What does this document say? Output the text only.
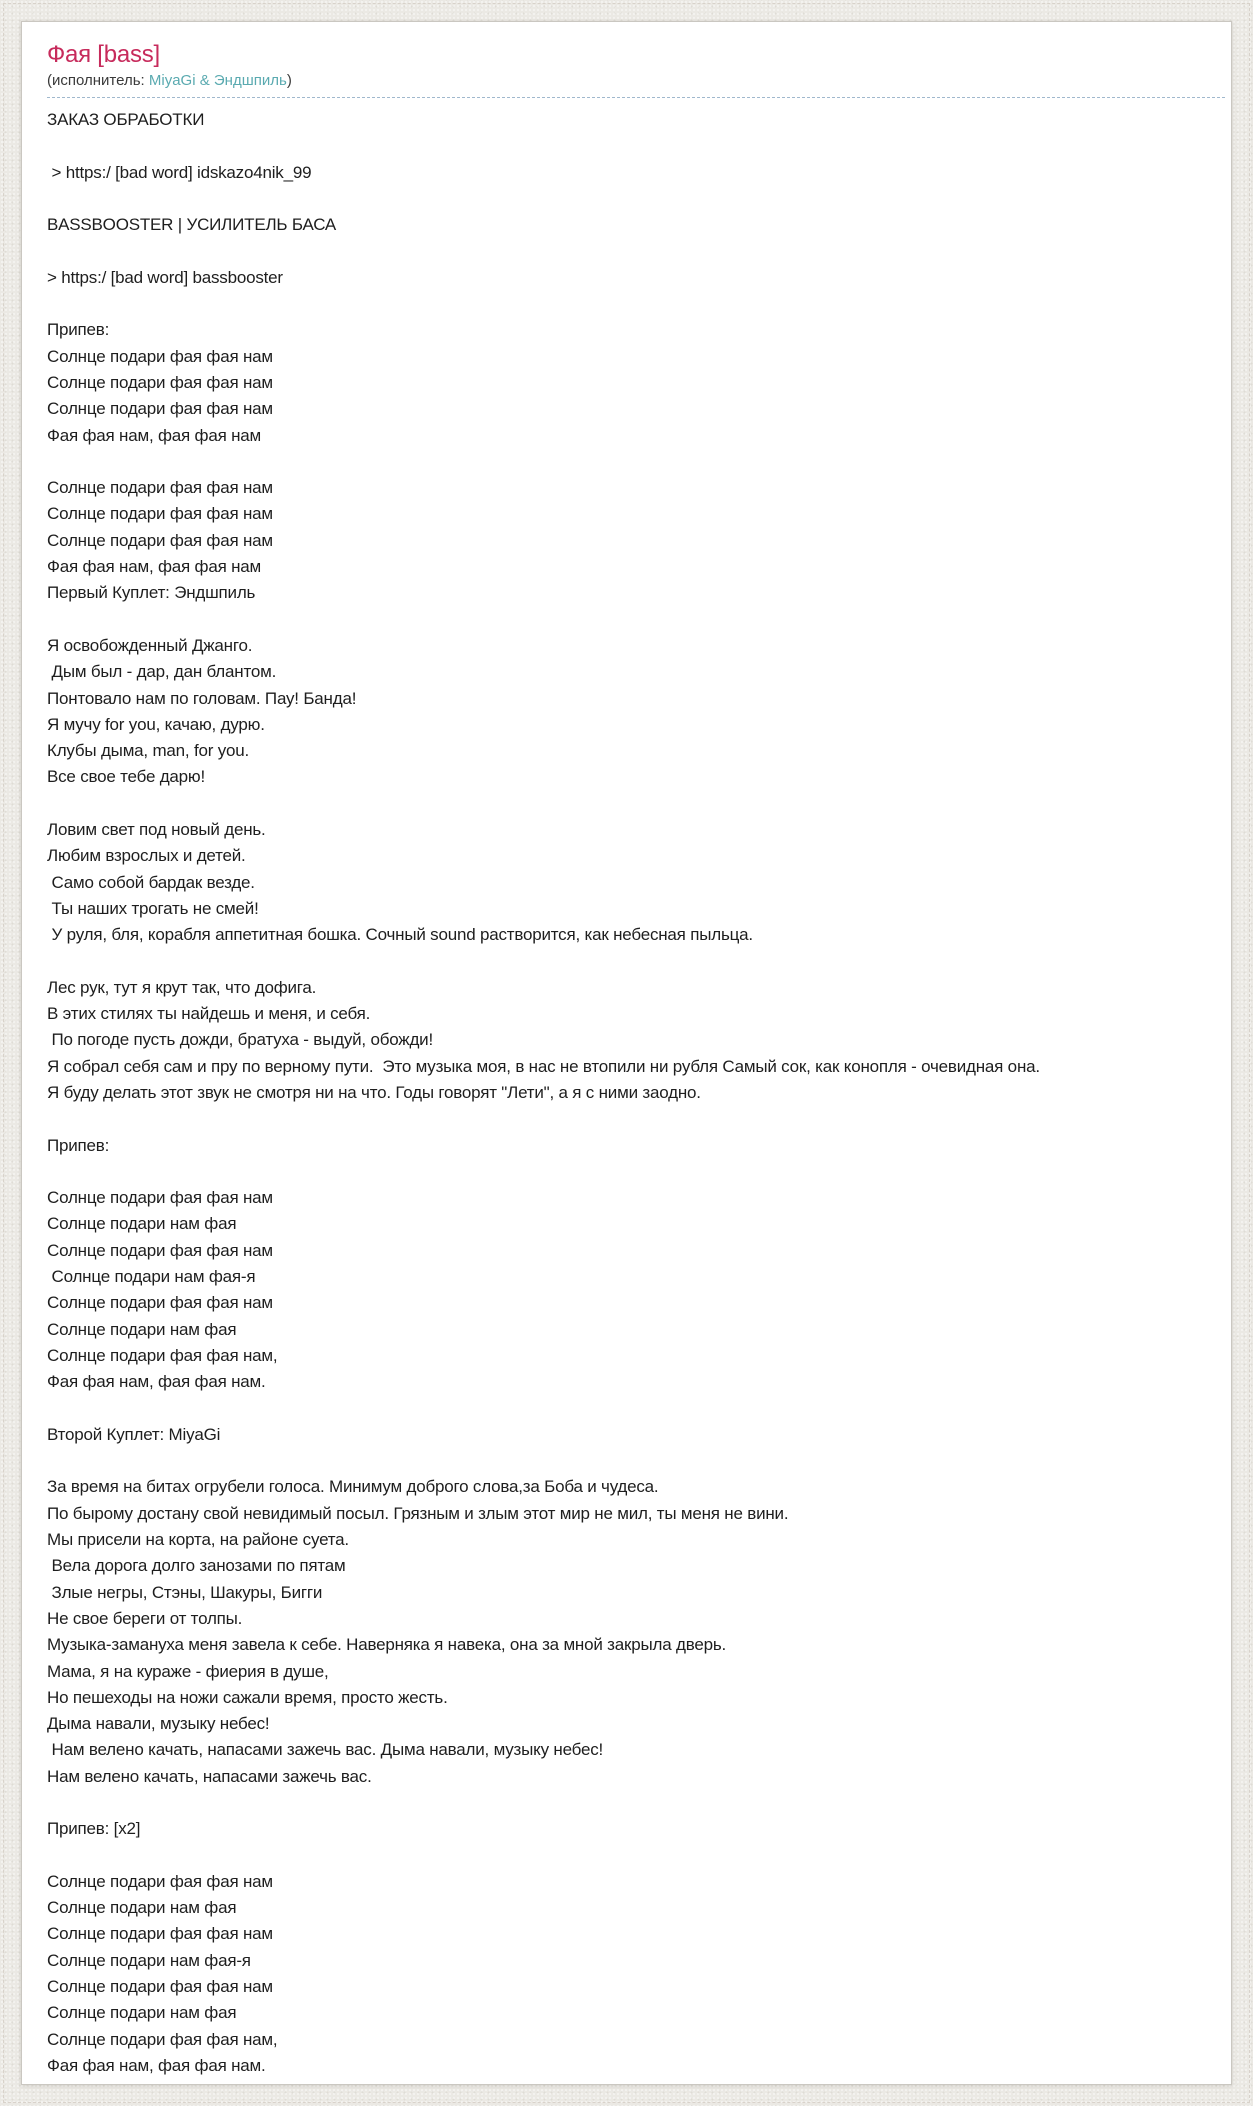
Фая [bass]
(исполнитель: MiyaGi & Эндшпиль)
ЗАКАЗ ОБРАБОТКИ

> https:/ [bad word] idskazo4nik_99

BASSBOOSTER | УСИЛИТЕЛЬ БАСА

> https:/ [bad word] bassbooster

Припев:
Солнце подари фая фая нам
Солнце подари фая фая нам
Солнце подари фая фая нам
Фая фая нам, фая фая нам

Солнце подари фая фая нам
Солнце подари фая фая нам
Солнце подари фая фая нам
Фая фая нам, фая фая нам
Первый Куплет: Эндшпиль

Я освобожденный Джанго.
Дым был - дар, дан блантом.
Понтовало нам по головам. Пау! Банда!
Я мучу for you, качаю, дурю.
Клубы дыма, man, for you.
Все свое тебе дарю!

Ловим свет под новый день.
Любим взрослых и детей.
Само собой бардак везде.
Ты наших трогать не смей!
У руля, бля, корабля аппетитная бошка. Сочный sound растворится, как небесная пыльца.

Лес рук, тут я крут так, что дофига.
В этих стилях ты найдешь и меня, и себя.
По погоде пусть дожди, братуха - выдуй, обожди!
Я собрал себя сам и пру по верному пути.  Это музыка моя, в нас не втопили ни рубля Самый сок, как конопля - очевидная она.
Я буду делать этот звук не смотря ни на что. Годы говорят "Лети", а я с ними заодно.

Припев:

Солнце подари фая фая нам
Солнце подари нам фая
Солнце подари фая фая нам
Солнце подари нам фая-я
Солнце подари фая фая нам
Солнце подари нам фая
Солнце подари фая фая нам,
Фая фая нам, фая фая нам.

Второй Куплет: MiyaGi

За время на битах огрубели голоса. Минимум доброго слова,за Боба и чудеса.
По бырому достану свой невидимый посыл. Грязным и злым этот мир не мил, ты меня не вини.
Мы присели на корта, на районе суета.
Вела дорога долго занозами по пятам
Злые негры, Стэны, Шакуры, Бигги
Не свое береги от толпы.
Музыка-замануха меня завела к себе. Наверняка я навека, она за мной закрыла дверь.
Мама, я на кураже - фиерия в душе,
Но пешеходы на ножи сажали время, просто жесть.
Дыма навали, музыку небес!
Нам велено качать, напасами зажечь вас. Дыма навали, музыку небес!
Нам велено качать, напасами зажечь вас.

Припев: [x2]

Солнце подари фая фая нам
Солнце подари нам фая
Солнце подари фая фая нам
Солнце подари нам фая-я
Солнце подари фая фая нам
Солнце подари нам фая
Солнце подари фая фая нам,
Фая фая нам, фая фая нам.
